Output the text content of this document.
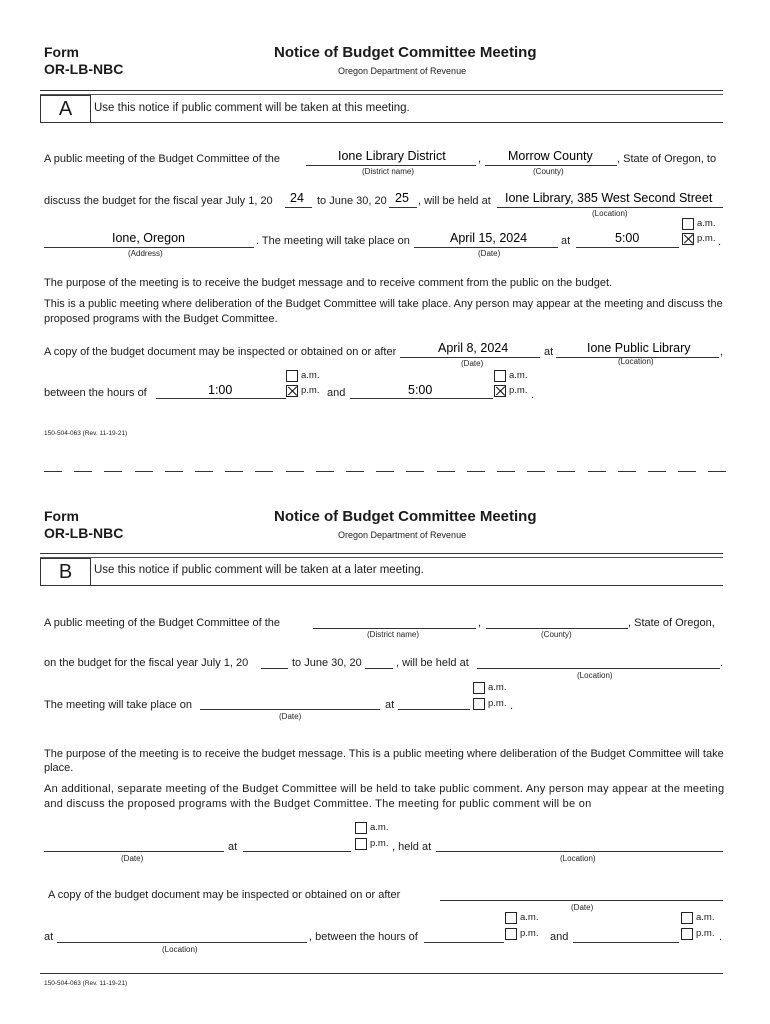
Form
OR-LB-NBC
Notice of Budget Committee Meeting
Oregon Department of Revenue
A	Use this notice if public comment will be taken at this meeting.
A public meeting of the Budget Committee of the	Ione Library District	, Morrow County , State of Oregon, to
(District name)	(County)
discuss the budget for the fiscal year July 1, 20 24 to June 30, 20 25 , will be held at Ione Library, 385 West Second Street
(Location)
a.m.
p.m. .
Ione, Oregon	. The meeting will take place on	April 15, 2024	at	5:00
(Address)	(Date)
The purpose of the meeting is to receive the budget message and to receive comment from the public on the budget.
This is a public meeting where deliberation of the Budget Committee will take place. Any person may appear at the meeting and discuss the proposed programs with the Budget Committee.
A copy of the budget document may be inspected or obtained on or after	April 8, 2024	at	Ione Public Library	,
(Date)	(Location)
a.m.
p.m.
a.m.
p.m. .
between the hours of	1:00	and	5:00
150-504-063 (Rev. 11-19-21)
Form
OR-LB-NBC
Notice of Budget Committee Meeting
Oregon Department of Revenue
B	Use this notice if public comment will be taken at a later meeting.
A public meeting of the Budget Committee of the	,	, State of Oregon,
(District name)	(County)
on the budget for the fiscal year July 1, 20	to June 30, 20	, will be held at	.
(Location)
a.m.
p.m. .
The meeting will take place on	at
(Date)
The purpose of the meeting is to receive the budget message. This is a public meeting where deliberation of the Budget Committee will take place.
An additional, separate meeting of the Budget Committee will be held to take public comment. Any person may appear at the meeting and discuss the proposed programs with the Budget Committee. The meeting for public comment will be on
a.m.
p.m.
at	, held at
(Date)	(Location)
A copy of the budget document may be inspected or obtained on or after
(Date)
a.m.
p.m.
a.m.
p.m. .
at	, between the hours of	and
(Location)
150-504-063 (Rev. 11-19-21)
